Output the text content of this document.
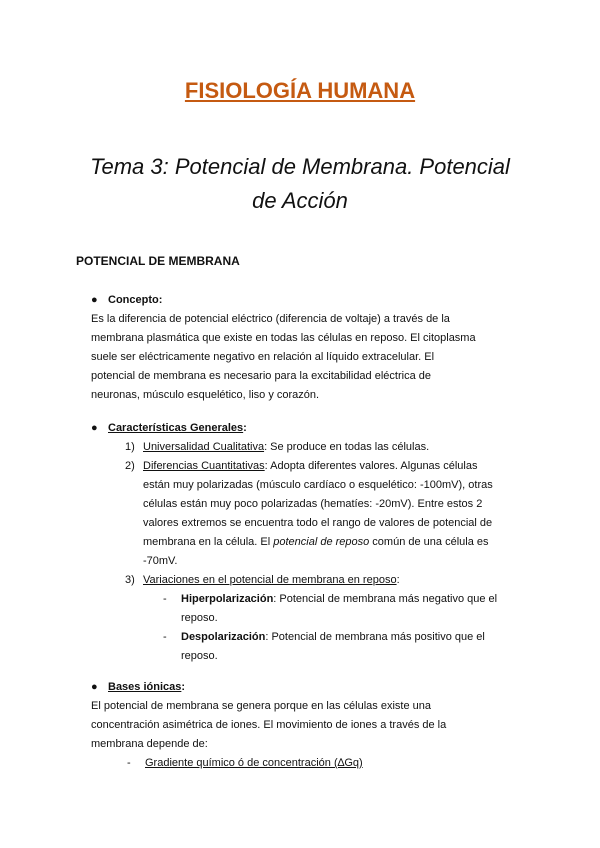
FISIOLOGÍA HUMANA
Tema 3: Potencial de Membrana. Potencial
de Acción
POTENCIAL DE MEMBRANA
● Concepto:
Es la diferencia de potencial eléctrico (diferencia de voltaje) a través de la
membrana plasmática que existe en todas las células en reposo. El citoplasma
suele ser eléctricamente negativo en relación al líquido extracelular. El
potencial de membrana es necesario para la excitabilidad eléctrica de
neuronas, músculo esquelético, liso y corazón.
● Características Generales:
1) Universalidad Cualitativa: Se produce en todas las células.
2) Diferencias Cuantitativas: Adopta diferentes valores. Algunas células
están muy polarizadas (músculo cardíaco o esquelético: -100mV), otras
células están muy poco polarizadas (hematíes: -20mV). Entre estos 2
valores extremos se encuentra todo el rango de valores de potencial de
membrana en la célula. El potencial de reposo común de una célula es
-70mV.
3) Variaciones en el potencial de membrana en reposo:
- Hiperpolarización: Potencial de membrana más negativo que el
reposo.
- Despolarización: Potencial de membrana más positivo que el
reposo.
● Bases iónicas:
El potencial de membrana se genera porque en las células existe una
concentración asimétrica de iones. El movimiento de iones a través de la
membrana depende de:
- Gradiente químico ó de concentración (∆Gq)
